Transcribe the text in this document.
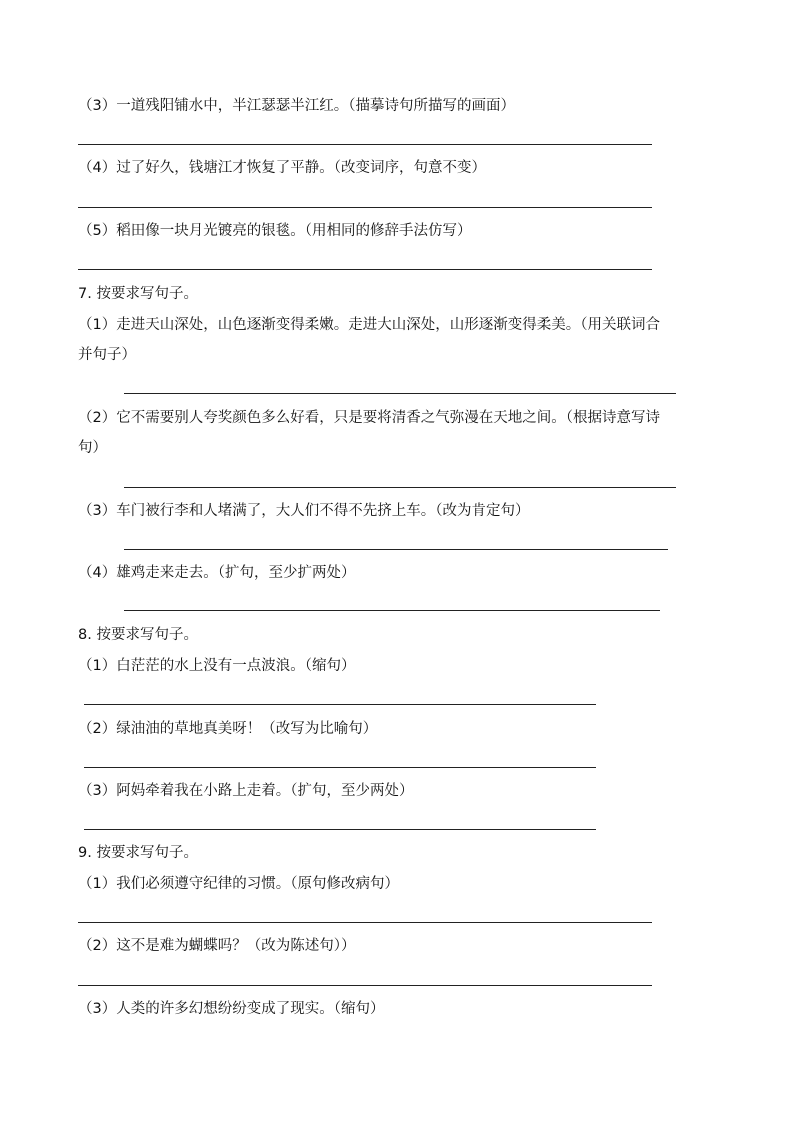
（3）一道残阳铺水中，半江瑟瑟半江红。（描摹诗句所描写的画面）
（4）过了好久，钱塘江才恢复了平静。（改变词序，句意不变）
（5）稻田像一块月光镀亮的银毯。（用相同的修辞手法仿写）
7. 按要求写句子。
（1）走进天山深处，山色逐渐变得柔嫩。走进大山深处，山形逐渐变得柔美。（用关联词合
并句子）
（2）它不需要别人夸奖颜色多么好看，只是要将清香之气弥漫在天地之间。（根据诗意写诗
句）
（3）车门被行李和人堵满了，大人们不得不先挤上车。（改为肯定句）
（4）雄鸡走来走去。（扩句，至少扩两处）
8. 按要求写句子。
（1）白茫茫的水上没有一点波浪。（缩句）
（2）绿油油的草地真美呀！（改写为比喻句）
（3）阿妈牵着我在小路上走着。（扩句，至少两处）
9. 按要求写句子。
（1）我们必须遵守纪律的习惯。（原句修改病句）
（2）这不是难为蝴蝶吗？（改为陈述句））
（3）人类的许多幻想纷纷变成了现实。（缩句）
